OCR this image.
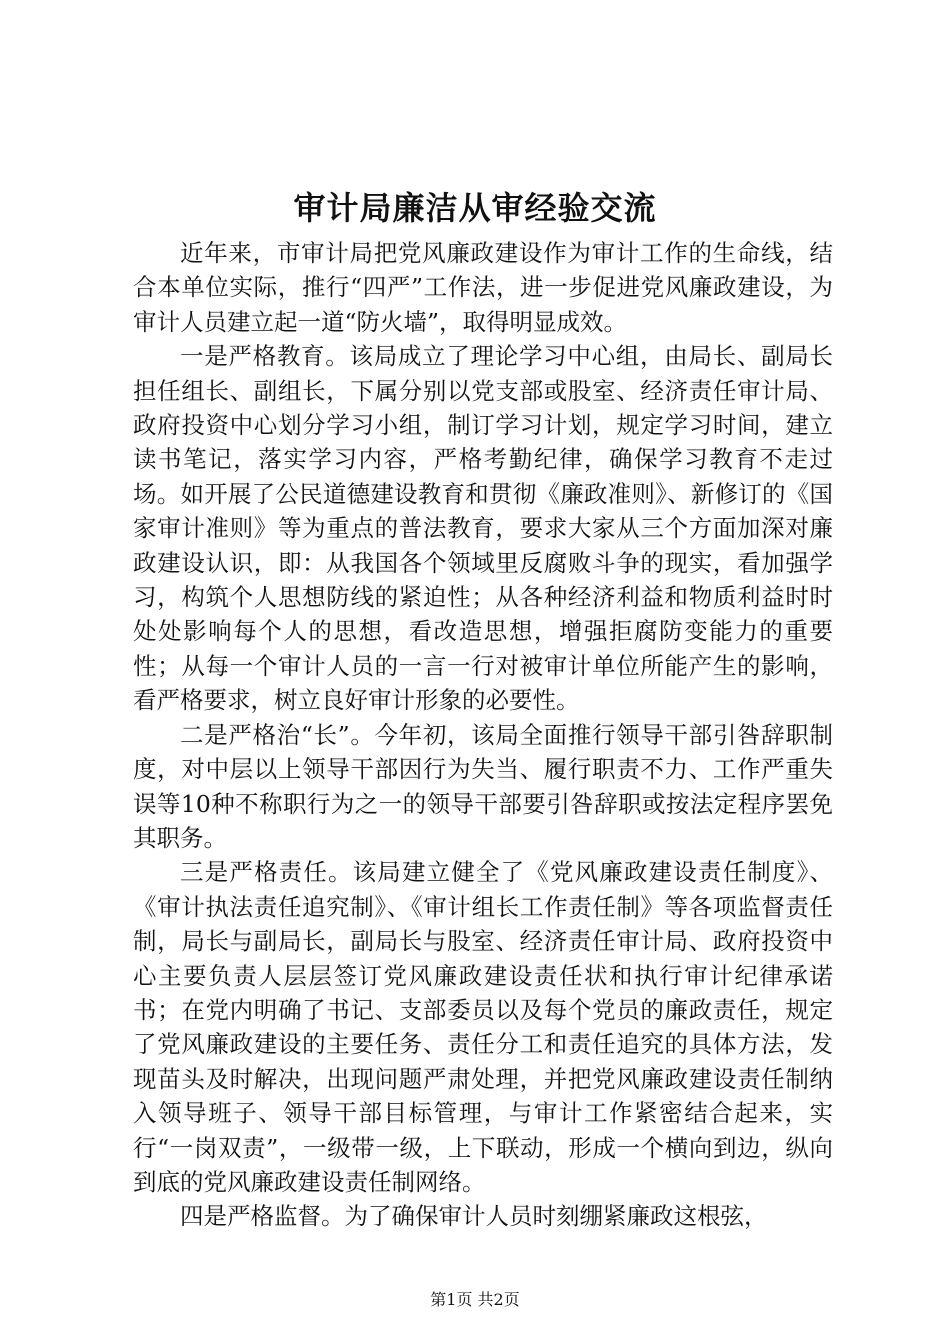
审计局廉洁从审经验交流

近年来，市审计局把党风廉政建设作为审计工作的生命线，结合本单位实际，推行“四严”工作法，进一步促进党风廉政建设，为审计人员建立起一道“防火墙”，取得明显成效。

一是严格教育。该局成立了理论学习中心组，由局长、副局长担任组长、副组长，下属分别以党支部或股室、经济责任审计局、政府投资中心划分学习小组，制订学习计划，规定学习时间，建立读书笔记，落实学习内容，严格考勤纪律，确保学习教育不走过场。如开展了公民道德建设教育和贯彻《廉政准则》、新修订的《国家审计准则》等为重点的普法教育，要求大家从三个方面加深对廉政建设认识，即：从我国各个领域里反腐败斗争的现实，看加强学习，构筑个人思想防线的紧迫性；从各种经济利益和物质利益时时处处影响每个人的思想，看改造思想，增强拒腐防变能力的重要性；从每一个审计人员的一言一行对被审计单位所能产生的影响，看严格要求，树立良好审计形象的必要性。

二是严格治“长”。今年初，该局全面推行领导干部引咎辞职制度，对中层以上领导干部因行为失当、履行职责不力、工作严重失误等10种不称职行为之一的领导干部要引咎辞职或按法定程序罢免其职务。

三是严格责任。该局建立健全了《党风廉政建设责任制度》、《审计执法责任追究制》、《审计组长工作责任制》等各项监督责任制，局长与副局长，副局长与股室、经济责任审计局、政府投资中心主要负责人层层签订党风廉政建设责任状和执行审计纪律承诺书；在党内明确了书记、支部委员以及每个党员的廉政责任，规定了党风廉政建设的主要任务、责任分工和责任追究的具体方法，发现苗头及时解决，出现问题严肃处理，并把党风廉政建设责任制纳入领导班子、领导干部目标管理，与审计工作紧密结合起来，实行“一岗双责”，一级带一级，上下联动，形成一个横向到边，纵向到底的党风廉政建设责任制网络。

四是严格监督。为了确保审计人员时刻绷紧廉政这根弦，

第1页 共2页
